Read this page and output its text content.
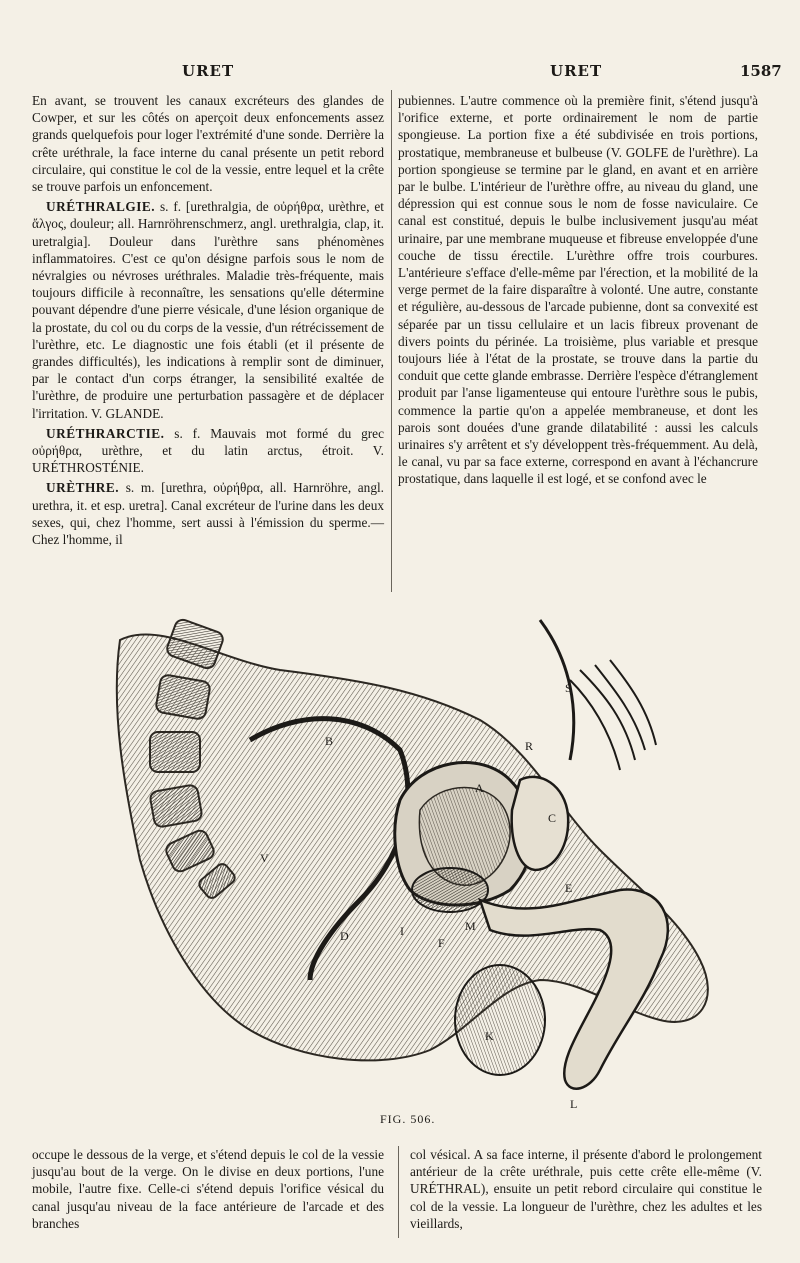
URET	URET	1587

En avant, se trouvent les canaux excréteurs des glandes de Cowper, et sur les côtés on aperçoit deux enfoncements assez grands quelquefois pour loger l'extrémité d'une sonde. Derrière la crête uréthrale, la face interne du canal présente un petit rebord circulaire, qui constitue le col de la vessie, entre lequel et la crête se trouve parfois un enfoncement.

URÉTHRALGIE. s. f. [urethralgia, de οὐρήθρα, urèthre, et ἄλγος, douleur; all. Harnröhrenschmerz, angl. urethralgia, clap, it. uretralgia]. Douleur dans l'urèthre sans phénomènes inflammatoires. C'est ce qu'on désigne parfois sous le nom de névralgies ou névroses uréthrales. Maladie très-fréquente, mais toujours difficile à reconnaître, les sensations qu'elle détermine pouvant dépendre d'une pierre vésicale, d'une lésion organique de la prostate, du col ou du corps de la vessie, d'un rétrécissement de l'urèthre, etc. Le diagnostic une fois établi (et il présente de grandes difficultés), les indications à remplir sont de diminuer, par le contact d'un corps étranger, la sensibilité exaltée de l'urèthre, de produire une perturbation passagère et de déplacer l'irritation. V. GLANDE.

URÉTHRARCTIE. s. f. Mauvais mot formé du grec οὐρήθρα, urèthre, et du latin arctus, étroit. V. URÉTHROSTÉNIE.

URÈTHRE. s. m. [urethra, οὐρήθρα, all. Harnröhre, angl. urethra, it. et esp. uretra]. Canal excréteur de l'urine dans les deux sexes, qui, chez l'homme, sert aussi à l'émission du sperme.—Chez l'homme, il

pubiennes. L'autre commence où la première finit, s'étend jusqu'à l'orifice externe, et porte ordinairement le nom de partie spongieuse. La portion fixe a été subdivisée en trois portions, prostatique, membraneuse et bulbeuse (V. GOLFE de l'urèthre). La portion spongieuse se termine par le gland, en avant et en arrière par le bulbe. L'intérieur de l'urèthre offre, au niveau du gland, une dépression qui est connue sous le nom de fosse naviculaire. Ce canal est constitué, depuis le bulbe inclusivement jusqu'au méat urinaire, par une membrane muqueuse et fibreuse enveloppée d'une couche de tissu érectile. L'urèthre offre trois courbures. L'antérieure s'efface d'elle-même par l'érection, et la mobilité de la verge permet de la faire disparaître à volonté. Une autre, constante et régulière, au-dessous de l'arcade pubienne, dont sa convexité est séparée par un tissu cellulaire et un lacis fibreux provenant de divers points du périnée. La troisième, plus variable et presque toujours liée à l'état de la prostate, se trouve dans la partie du conduit que cette glande embrasse. Derrière l'espèce d'étranglement produit par l'anse ligamenteuse qui entoure l'urèthre sous le pubis, commence la partie qu'on a appelée membraneuse, et dont les parois sont douées d'une grande dilatabilité : aussi les calculs urinaires s'y arrêtent et s'y développent très-fréquemment. Au delà, le canal, vu par sa face externe, correspond en avant à l'échancrure prostatique, dans laquelle il est logé, et se confond avec le

B	R
A
C
E
M
D
K
L
S
V
I
F
FIG. 506.

occupe le dessous de la verge, et s'étend depuis le col de la vessie jusqu'au bout de la verge. On le divise en deux portions, l'une mobile, l'autre fixe. Celle-ci s'étend depuis l'orifice vésical du canal jusqu'au niveau de la face antérieure de l'arcade et des branches

col vésical. A sa face interne, il présente d'abord le prolongement antérieur de la crête uréthrale, puis cette crête elle-même (V. URÉTHRAL), ensuite un petit rebord circulaire qui constitue le col de la vessie. La longueur de l'urèthre, chez les adultes et les vieillards,
